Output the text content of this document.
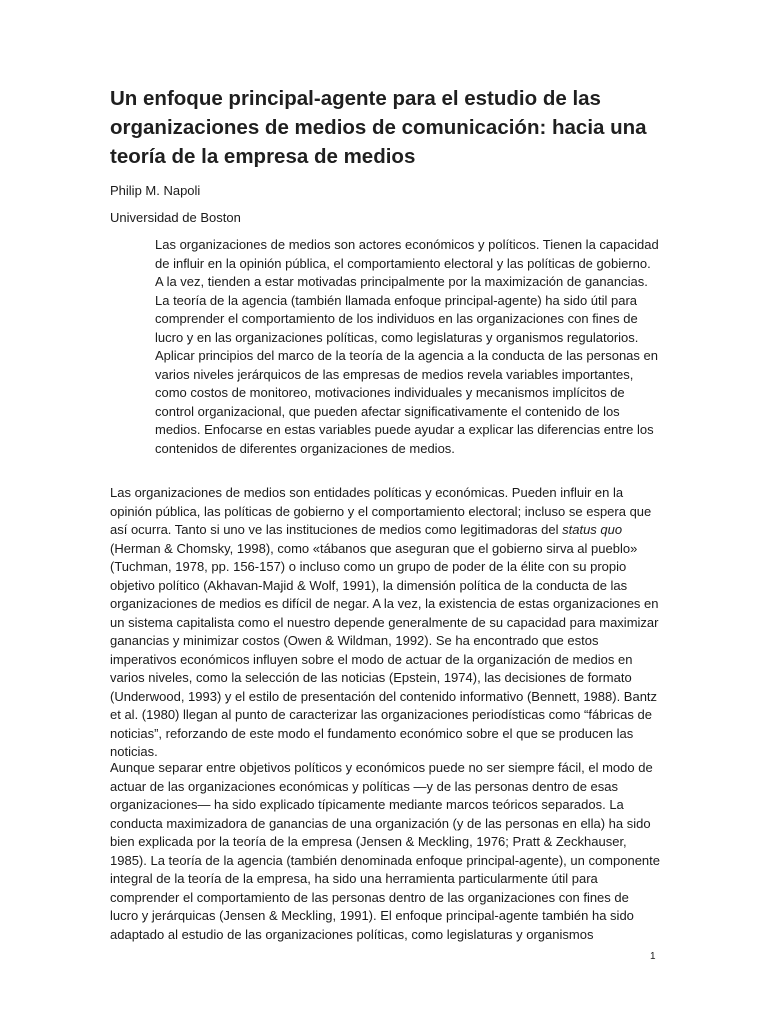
Un enfoque principal-agente para el estudio de las organizaciones de medios de comunicación: hacia una teoría de la empresa de medios

Philip M. Napoli

Universidad de Boston

Las organizaciones de medios son actores económicos y políticos. Tienen la capacidad de influir en la opinión pública, el comportamiento electoral y las políticas de gobierno. A la vez, tienden a estar motivadas principalmente por la maximización de ganancias. La teoría de la agencia (también llamada enfoque principal-agente) ha sido útil para comprender el comportamiento de los individuos en las organizaciones con fines de lucro y en las organizaciones políticas, como legislaturas y organismos regulatorios. Aplicar principios del marco de la teoría de la agencia a la conducta de las personas en varios niveles jerárquicos de las empresas de medios revela variables importantes, como costos de monitoreo, motivaciones individuales y mecanismos implícitos de control organizacional, que pueden afectar significativamente el contenido de los medios. Enfocarse en estas variables puede ayudar a explicar las diferencias entre los contenidos de diferentes organizaciones de medios.

Las organizaciones de medios son entidades políticas y económicas. Pueden influir en la opinión pública, las políticas de gobierno y el comportamiento electoral; incluso se espera que así ocurra. Tanto si uno ve las instituciones de medios como legitimadoras del status quo (Herman & Chomsky, 1998), como «tábanos que aseguran que el gobierno sirva al pueblo» (Tuchman, 1978, pp. 156-157) o incluso como un grupo de poder de la élite con su propio objetivo político (Akhavan-Majid & Wolf, 1991), la dimensión política de la conducta de las organizaciones de medios es difícil de negar. A la vez, la existencia de estas organizaciones en un sistema capitalista como el nuestro depende generalmente de su capacidad para maximizar ganancias y minimizar costos (Owen & Wildman, 1992). Se ha encontrado que estos imperativos económicos influyen sobre el modo de actuar de la organización de medios en varios niveles, como la selección de las noticias (Epstein, 1974), las decisiones de formato (Underwood, 1993) y el estilo de presentación del contenido informativo (Bennett, 1988). Bantz et al. (1980) llegan al punto de caracterizar las organizaciones periodísticas como “fábricas de noticias”, reforzando de este modo el fundamento económico sobre el que se producen las noticias.

Aunque separar entre objetivos políticos y económicos puede no ser siempre fácil, el modo de actuar de las organizaciones económicas y políticas —y de las personas dentro de esas organizaciones— ha sido explicado típicamente mediante marcos teóricos separados. La conducta maximizadora de ganancias de una organización (y de las personas en ella) ha sido bien explicada por la teoría de la empresa (Jensen & Meckling, 1976; Pratt & Zeckhauser, 1985). La teoría de la agencia (también denominada enfoque principal-agente), un componente integral de la teoría de la empresa, ha sido una herramienta particularmente útil para comprender el comportamiento de las personas dentro de las organizaciones con fines de lucro y jerárquicas (Jensen & Meckling, 1991). El enfoque principal-agente también ha sido adaptado al estudio de las organizaciones políticas, como legislaturas y organismos

1
